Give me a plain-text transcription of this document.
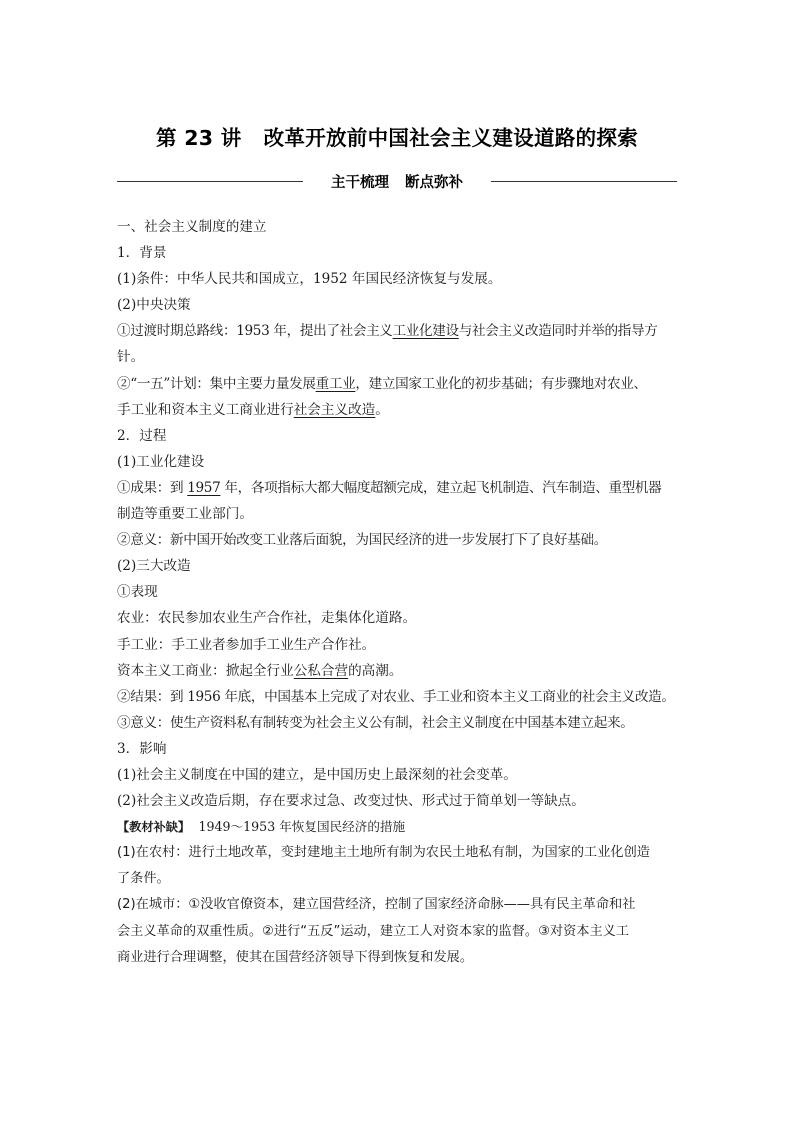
第 23 讲 改革开放前中国社会主义建设道路的探索
主干梳理 断点弥补
一、社会主义制度的建立
1．背景
(1)条件：中华人民共和国成立，1952 年国民经济恢复与发展。
(2)中央决策
①过渡时期总路线：1953 年，提出了社会主义工业化建设与社会主义改造同时并举的指导方
针。
②“一五”计划：集中主要力量发展重工业，建立国家工业化的初步基础；有步骤地对农业、
手工业和资本主义工商业进行社会主义改造。
2．过程
(1)工业化建设
①成果：到 1957 年，各项指标大都大幅度超额完成，建立起飞机制造、汽车制造、重型机器
制造等重要工业部门。
②意义：新中国开始改变工业落后面貌，为国民经济的进一步发展打下了良好基础。
(2)三大改造
①表现
农业：农民参加农业生产合作社，走集体化道路。
手工业：手工业者参加手工业生产合作社。
资本主义工商业：掀起全行业公私合营的高潮。
②结果：到 1956 年底，中国基本上完成了对农业、手工业和资本主义工商业的社会主义改造。
③意义：使生产资料私有制转变为社会主义公有制，社会主义制度在中国基本建立起来。
3．影响
(1)社会主义制度在中国的建立，是中国历史上最深刻的社会变革。
(2)社会主义改造后期，存在要求过急、改变过快、形式过于简单划一等缺点。
【教材补缺】 1949～1953 年恢复国民经济的措施
(1)在农村：进行土地改革，变封建地主土地所有制为农民土地私有制，为国家的工业化创造
了条件。
(2)在城市：①没收官僚资本，建立国营经济，控制了国家经济命脉——具有民主革命和社
会主义革命的双重性质。②进行“五反”运动，建立工人对资本家的监督。③对资本主义工
商业进行合理调整，使其在国营经济领导下得到恢复和发展。
